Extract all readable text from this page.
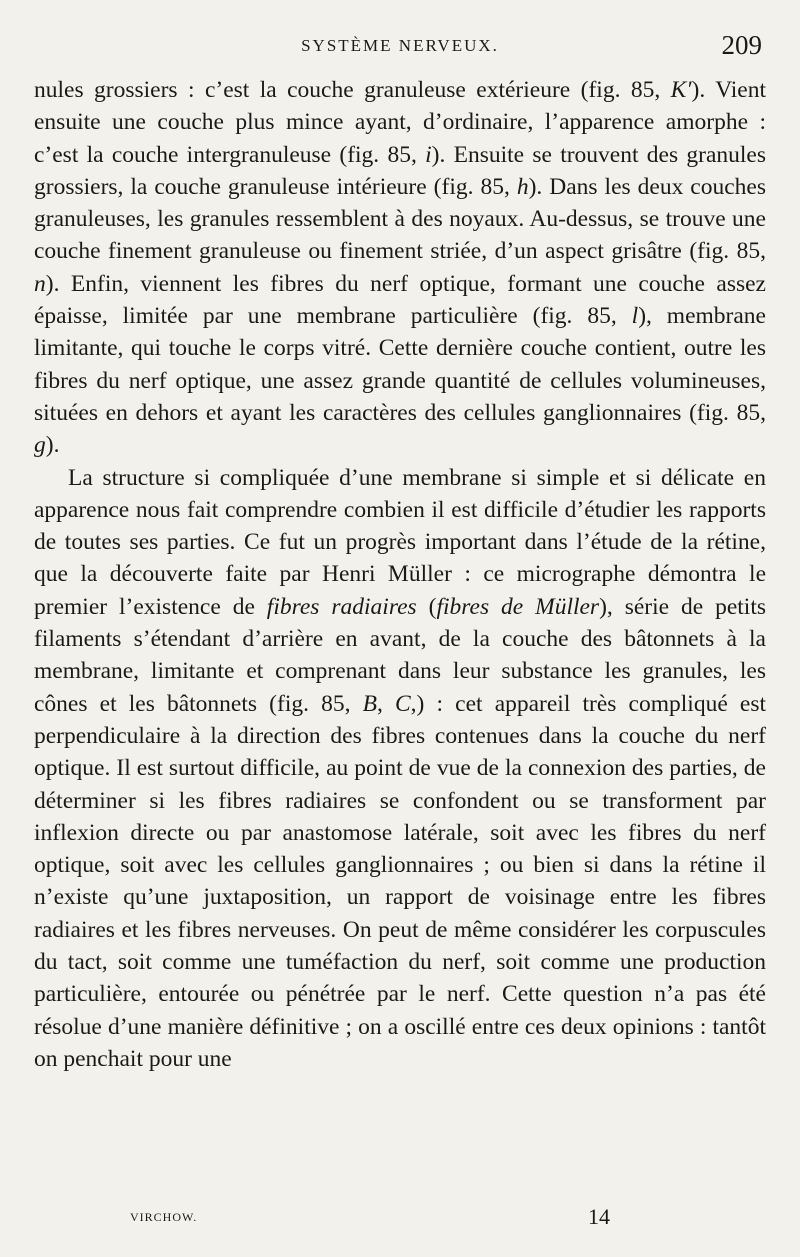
SYSTÈME NERVEUX.	209

nules grossiers : c’est la couche granuleuse extérieure (fig. 85, K′). Vient ensuite une couche plus mince ayant, d’ordinaire, l’apparence amorphe : c’est la couche intergranuleuse (fig. 85, i). Ensuite se trouvent des granules grossiers, la couche granuleuse intérieure (fig. 85, h). Dans les deux couches granuleuses, les granules ressemblent à des noyaux. Au-dessus, se trouve une couche finement granuleuse ou finement striée, d’un aspect grisâtre (fig. 85, n). Enfin, viennent les fibres du nerf optique, formant une couche assez épaisse, limitée par une membrane particulière (fig. 85, l), membrane limitante, qui touche le corps vitré. Cette dernière couche contient, outre les fibres du nerf optique, une assez grande quantité de cellules volumineuses, situées en dehors et ayant les caractères des cellules ganglionnaires (fig. 85, g).

La structure si compliquée d’une membrane si simple et si délicate en apparence nous fait comprendre combien il est difficile d’étudier les rapports de toutes ses parties. Ce fut un progrès important dans l’étude de la rétine, que la découverte faite par Henri Müller : ce micrographe démontra le premier l’existence de fibres radiaires (fibres de Müller), série de petits filaments s’étendant d’arrière en avant, de la couche des bâtonnets à la membrane, limitante et comprenant dans leur substance les granules, les cônes et les bâtonnets (fig. 85, B, C,) : cet appareil très compliqué est perpendiculaire à la direction des fibres contenues dans la couche du nerf optique. Il est surtout difficile, au point de vue de la connexion des parties, de déterminer si les fibres radiaires se confondent ou se transforment par inflexion directe ou par anastomose latérale, soit avec les fibres du nerf optique, soit avec les cellules ganglionnaires ; ou bien si dans la rétine il n’existe qu’une juxtaposition, un rapport de voisinage entre les fibres radiaires et les fibres nerveuses. On peut de même considérer les corpuscules du tact, soit comme une tuméfaction du nerf, soit comme une production particulière, entourée ou pénétrée par le nerf. Cette question n’a pas été résolue d’une manière définitive ; on a oscillé entre ces deux opinions : tantôt on penchait pour une

VIRCHOW.	14
